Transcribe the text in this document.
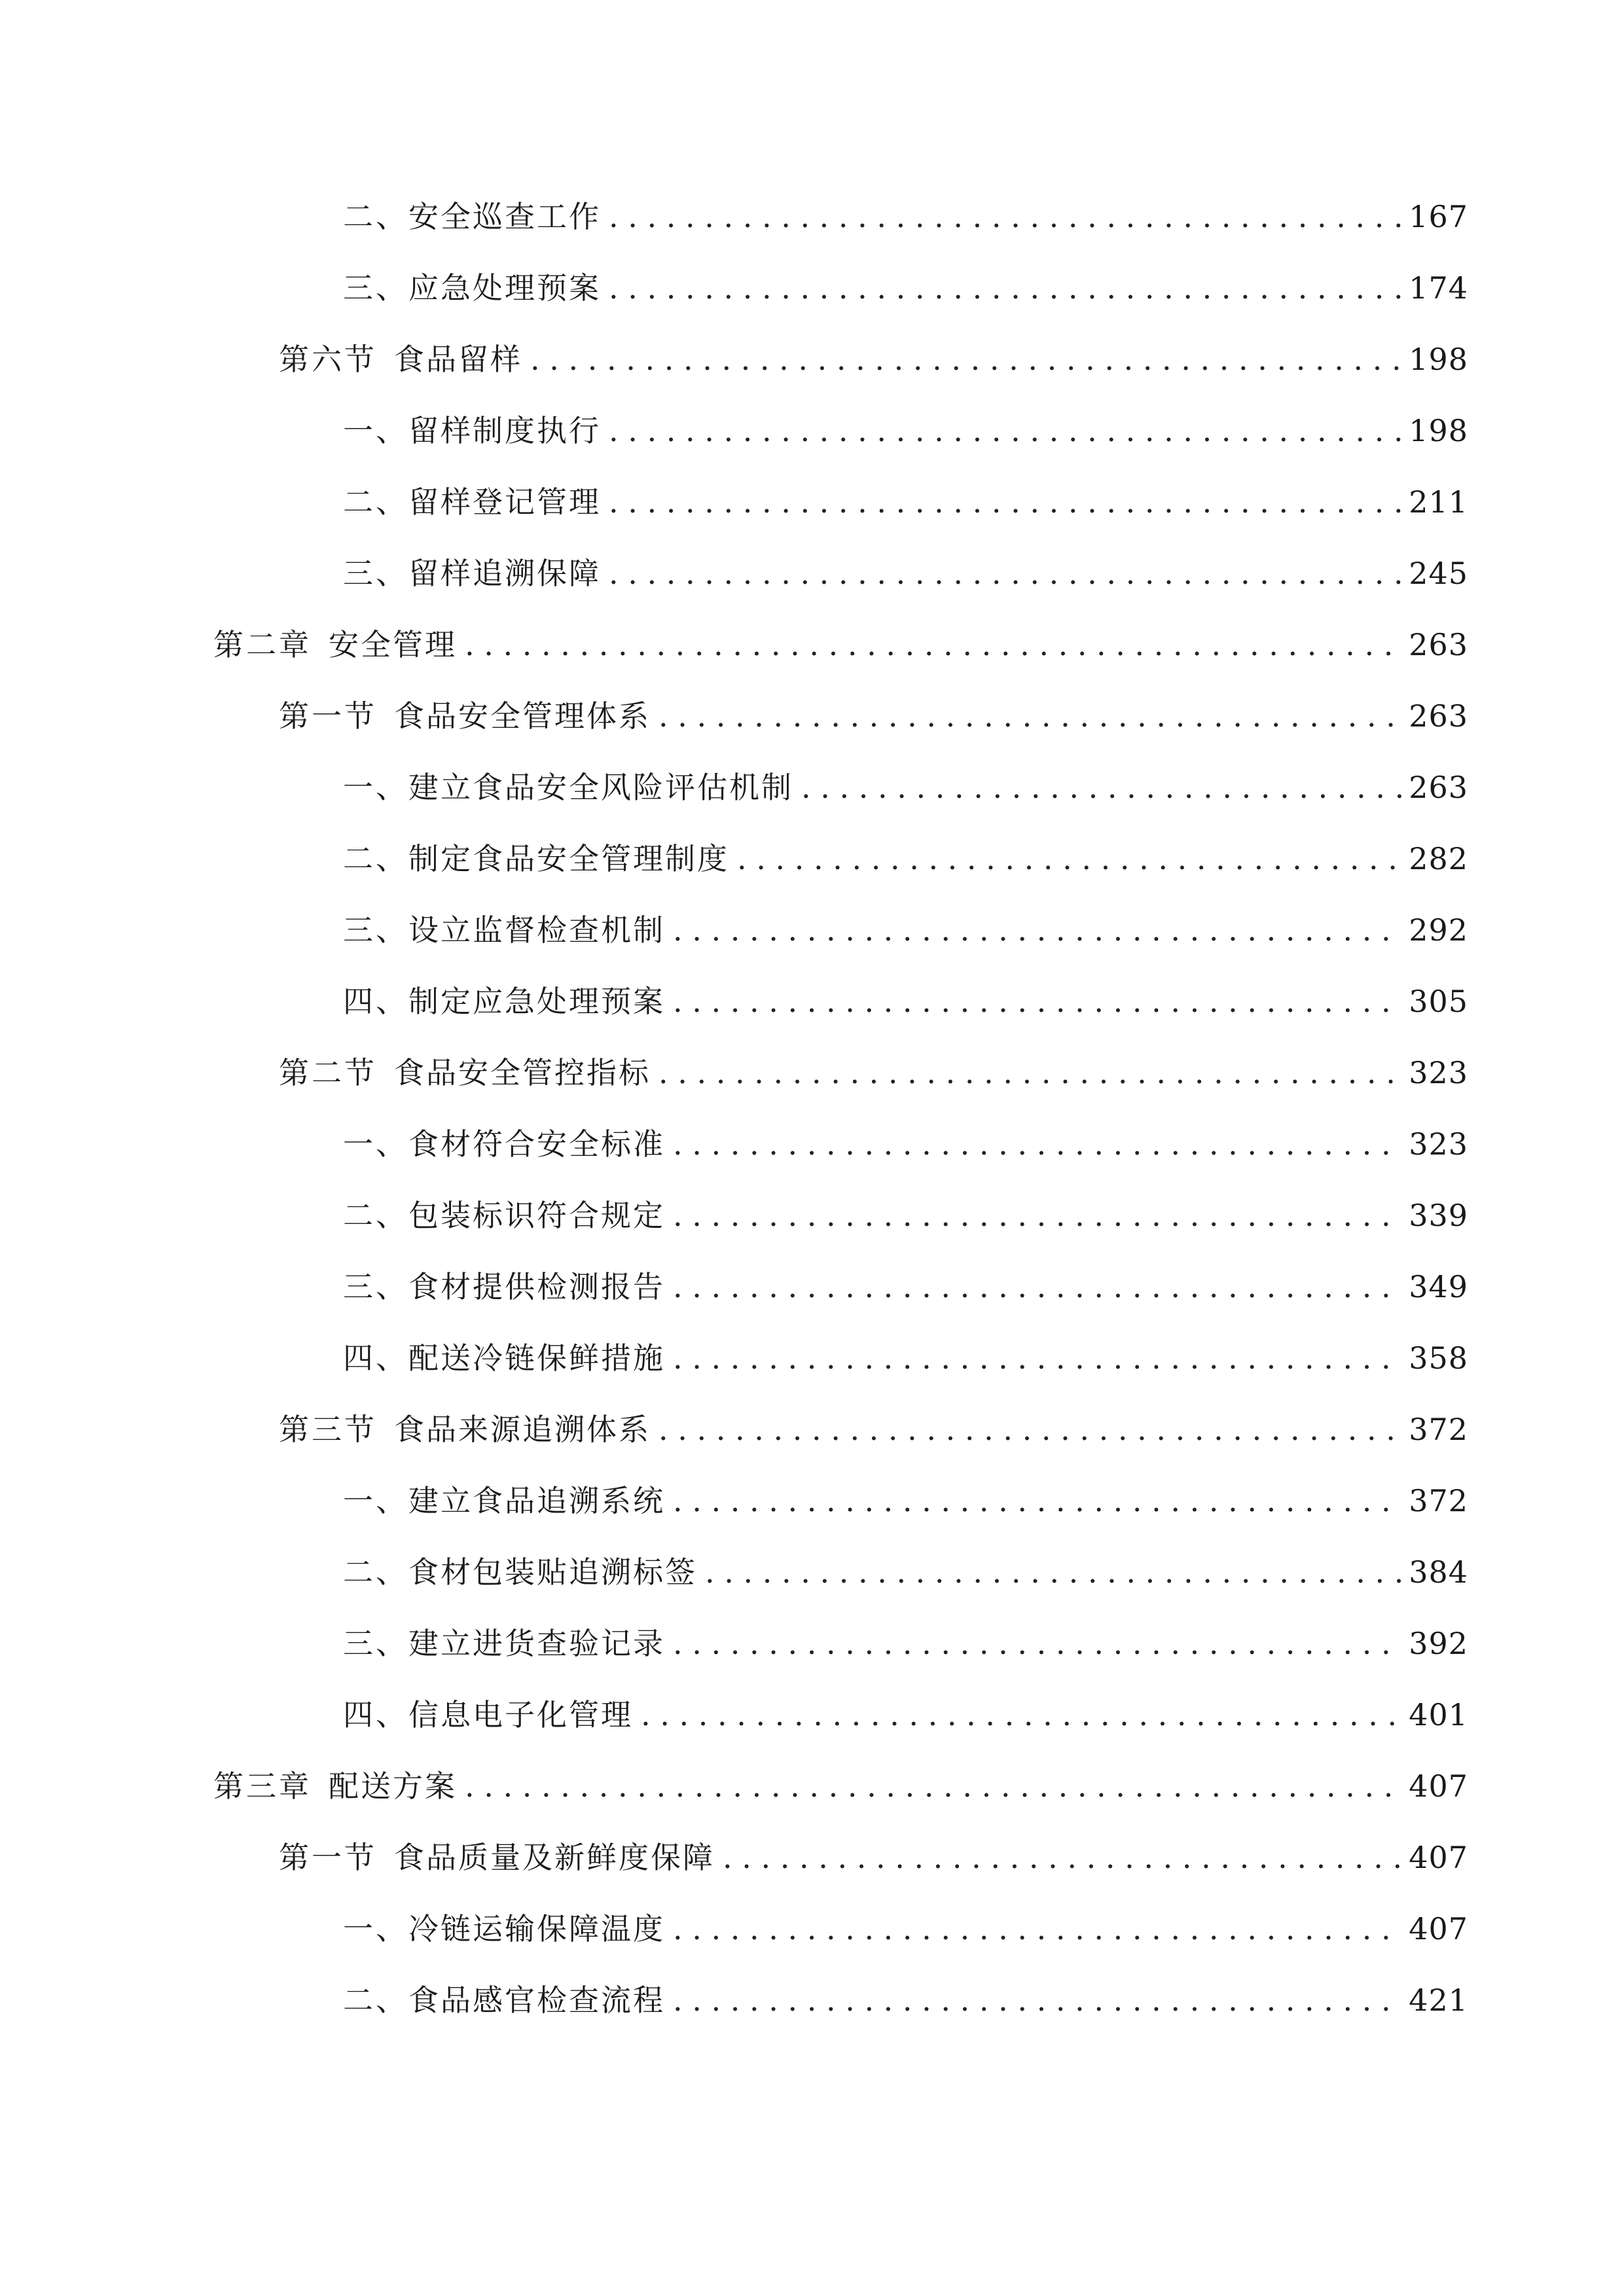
二、 安全巡查工作 . . .	167
三、 应急处理预案 . . .	174
第六节 食品留样 . . .	198
一、 留样制度执行 . . .	198
二、 留样登记管理 . . .	211
三、 留样追溯保障 . . .	245
第二章 安全管理 . . .	263
第一节 食品安全管理体系 . . .	263
一、 建立食品安全风险评估机制 . . .	263
二、 制定食品安全管理制度 . . .	282
三、 设立监督检查机制 . . .	292
四、 制定应急处理预案 . . .	305
第二节 食品安全管控指标 . . .	323
一、 食材符合安全标准 . . .	323
二、 包装标识符合规定 . . .	339
三、 食材提供检测报告 . . .	349
四、 配送冷链保鲜措施 . . .	358
第三节 食品来源追溯体系 . . .	372
一、 建立食品追溯系统 . . .	372
二、 食材包装贴追溯标签 . . .	384
三、 建立进货查验记录 . . .	392
四、 信息电子化管理 . . .	401
第三章 配送方案 . . .	407
第一节 食品质量及新鲜度保障 . . .	407
一、 冷链运输保障温度 . . .	407
二、 食品感官检查流程 . . .	421
